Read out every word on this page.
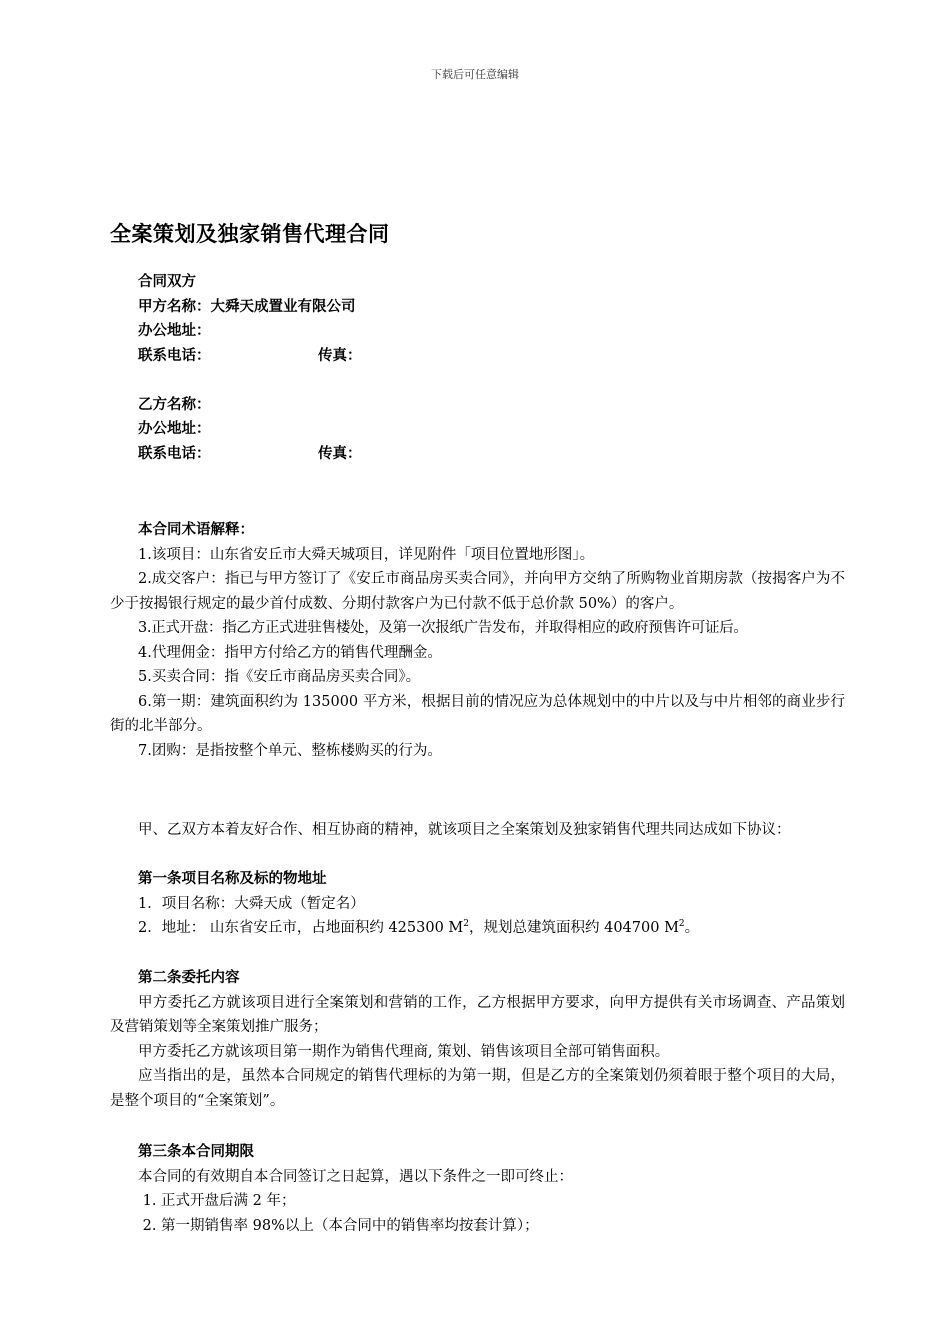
下载后可任意编辑
全案策划及独家销售代理合同
合同双方
甲方名称：大舜天成置业有限公司
办公地址：
联系电话：	传真：
乙方名称：
办公地址：
联系电话：	传真：
本合同术语解释：
1.该项目：山东省安丘市大舜天城项目，详见附件「项目位置地形图」。
2.成交客户：指已与甲方签订了《安丘市商品房买卖合同》，并向甲方交纳了所购物业首期房款（按揭客户为不少于按揭银行规定的最少首付成数、分期付款客户为已付款不低于总价款 50%）的客户。
3.正式开盘：指乙方正式进驻售楼处，及第一次报纸广告发布，并取得相应的政府预售许可证后。
4.代理佣金：指甲方付给乙方的销售代理酬金。
5.买卖合同：指《安丘市商品房买卖合同》。
6.第一期：建筑面积约为 135000 平方米，根据目前的情况应为总体规划中的中片以及与中片相邻的商业步行街的北半部分。
7.团购：是指按整个单元、整栋楼购买的行为。
甲、乙双方本着友好合作、相互协商的精神，就该项目之全案策划及独家销售代理共同达成如下协议：
第一条项目名称及标的物地址
1．项目名称：大舜天成（暂定名）
2．地址： 山东省安丘市，占地面积约 425300 $M^2$，规划总建筑面积约 404700 $M^2$。
第二条委托内容
甲方委托乙方就该项目进行全案策划和营销的工作，乙方根据甲方要求，向甲方提供有关市场调查、产品策划及营销策划等全案策划推广服务；
甲方委托乙方就该项目第一期作为销售代理商, 策划、销售该项目全部可销售面积。
应当指出的是，虽然本合同规定的销售代理标的为第一期，但是乙方的全案策划仍须着眼于整个项目的大局，是整个项目的“全案策划”。
第三条本合同期限
本合同的有效期自本合同签订之日起算，遇以下条件之一即可终止：
1. 正式开盘后满 2 年；
2. 第一期销售率 98%以上（本合同中的销售率均按套计算）；
